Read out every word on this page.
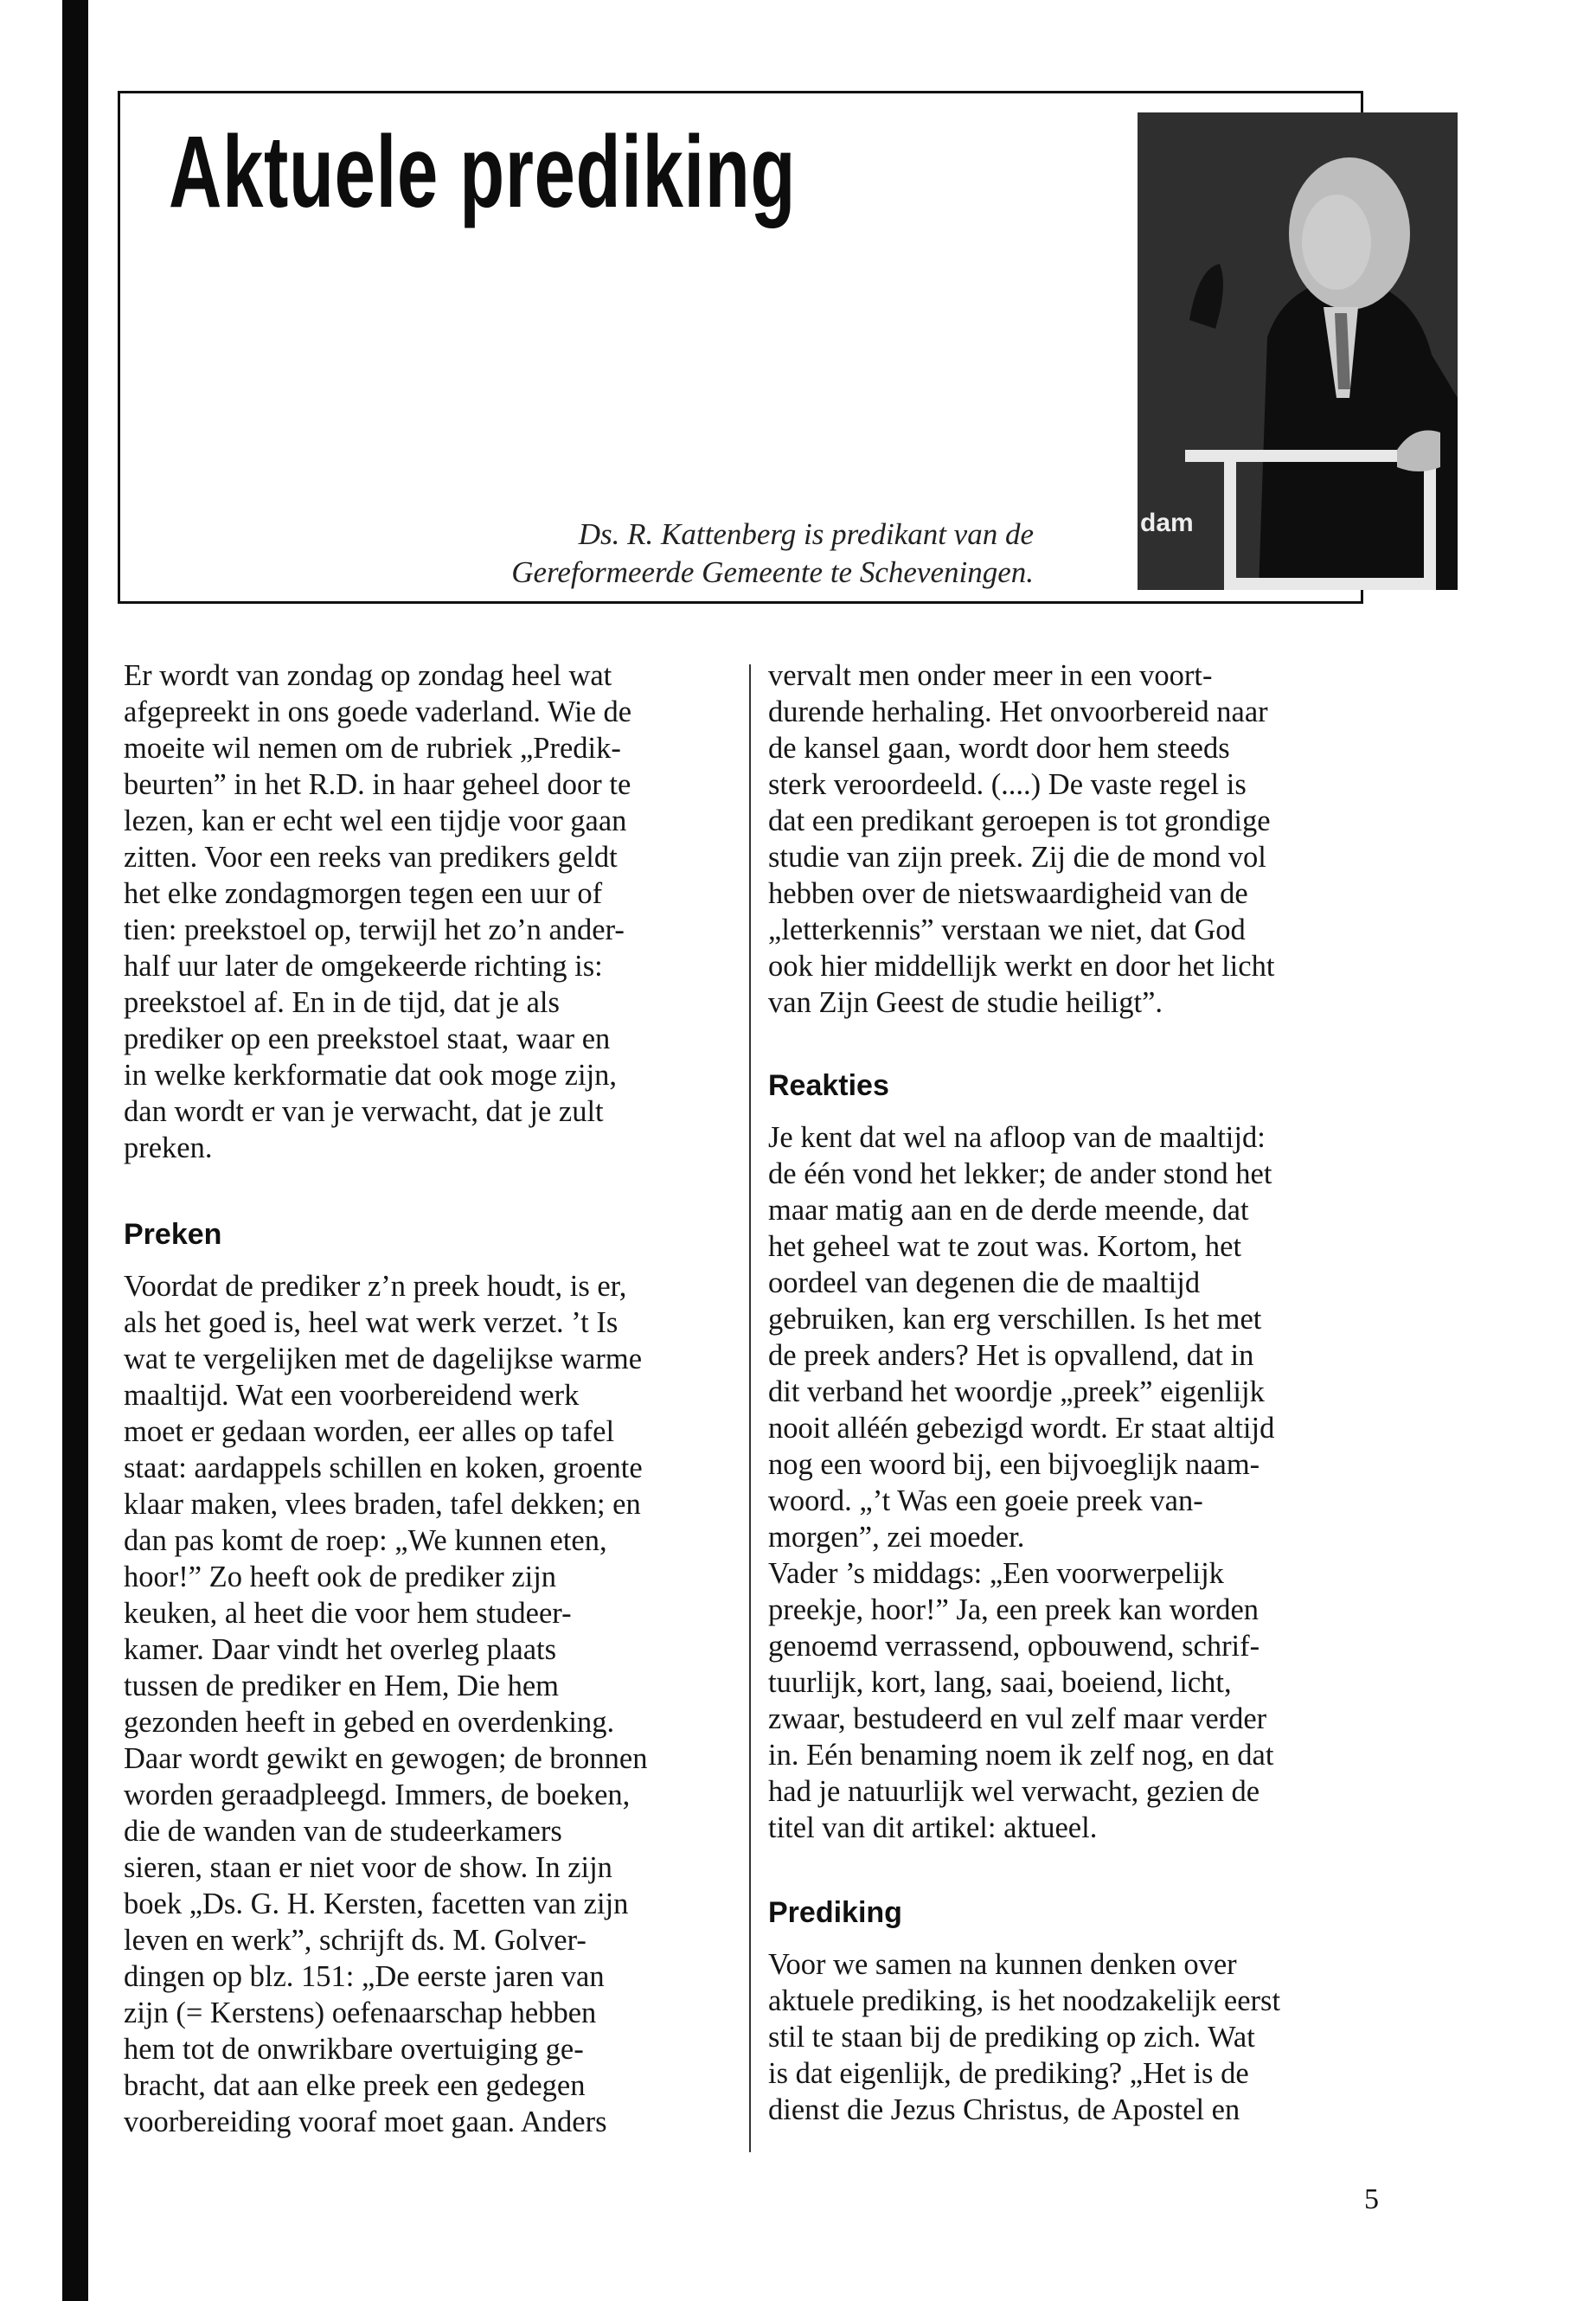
Aktuele prediking
Ds. R. Kattenberg is predikant van de
Gereformeerde Gemeente te Scheveningen.
dam

Er wordt van zondag op zondag heel wat
afgepreekt in ons goede vaderland. Wie de
moeite wil nemen om de rubriek „Predik-
beurten” in het R.D. in haar geheel door te
lezen, kan er echt wel een tijdje voor gaan
zitten. Voor een reeks van predikers geldt
het elke zondagmorgen tegen een uur of
tien: preekstoel op, terwijl het zo’n ander-
half uur later de omgekeerde richting is:
preekstoel af. En in de tijd, dat je als
prediker op een preekstoel staat, waar en
in welke kerkformatie dat ook moge zijn,
dan wordt er van je verwacht, dat je zult
preken.

Preken

Voordat de prediker z’n preek houdt, is er,
als het goed is, heel wat werk verzet. ’t Is
wat te vergelijken met de dagelijkse warme
maaltijd. Wat een voorbereidend werk
moet er gedaan worden, eer alles op tafel
staat: aardappels schillen en koken, groente
klaar maken, vlees braden, tafel dekken; en
dan pas komt de roep: „We kunnen eten,
hoor!” Zo heeft ook de prediker zijn
keuken, al heet die voor hem studeer-
kamer. Daar vindt het overleg plaats
tussen de prediker en Hem, Die hem
gezonden heeft in gebed en overdenking.
Daar wordt gewikt en gewogen; de bronnen
worden geraadpleegd. Immers, de boeken,
die de wanden van de studeerkamers
sieren, staan er niet voor de show. In zijn
boek „Ds. G. H. Kersten, facetten van zijn
leven en werk”, schrijft ds. M. Golver-
dingen op blz. 151: „De eerste jaren van
zijn (= Kerstens) oefenaarschap hebben
hem tot de onwrikbare overtuiging ge-
bracht, dat aan elke preek een gedegen
voorbereiding vooraf moet gaan. Anders

vervalt men onder meer in een voort-
durende herhaling. Het onvoorbereid naar
de kansel gaan, wordt door hem steeds
sterk veroordeeld. (....) De vaste regel is
dat een predikant geroepen is tot grondige
studie van zijn preek. Zij die de mond vol
hebben over de nietswaardigheid van de
„letterkennis” verstaan we niet, dat God
ook hier middellijk werkt en door het licht
van Zijn Geest de studie heiligt”.

Reakties

Je kent dat wel na afloop van de maaltijd:
de één vond het lekker; de ander stond het
maar matig aan en de derde meende, dat
het geheel wat te zout was. Kortom, het
oordeel van degenen die de maaltijd
gebruiken, kan erg verschillen. Is het met
de preek anders? Het is opvallend, dat in
dit verband het woordje „preek” eigenlijk
nooit alléén gebezigd wordt. Er staat altijd
nog een woord bij, een bijvoeglijk naam-
woord. „’t Was een goeie preek van-
morgen”, zei moeder.
Vader ’s middags: „Een voorwerpelijk
preekje, hoor!” Ja, een preek kan worden
genoemd verrassend, opbouwend, schrif-
tuurlijk, kort, lang, saai, boeiend, licht,
zwaar, bestudeerd en vul zelf maar verder
in. Eén benaming noem ik zelf nog, en dat
had je natuurlijk wel verwacht, gezien de
titel van dit artikel: aktueel.

Prediking

Voor we samen na kunnen denken over
aktuele prediking, is het noodzakelijk eerst
stil te staan bij de prediking op zich. Wat
is dat eigenlijk, de prediking? „Het is de
dienst die Jezus Christus, de Apostel en

5
